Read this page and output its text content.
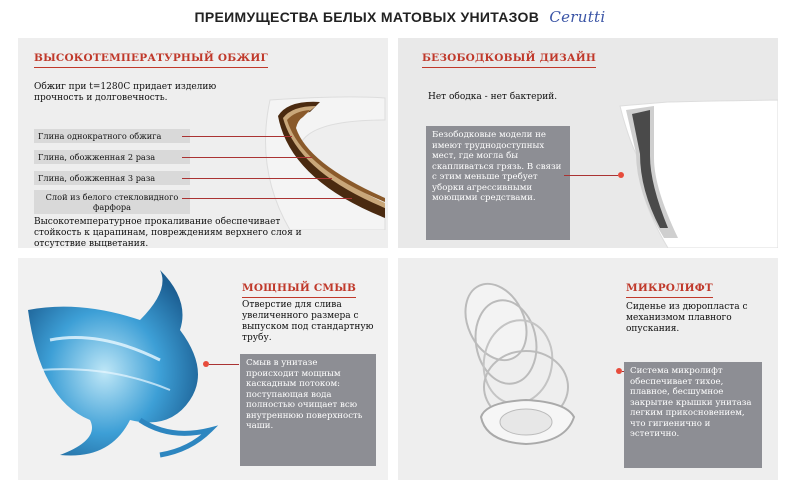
ПРЕИМУЩЕСТВА БЕЛЫХ МАТОВЫХ УНИТАЗОВ Cerutti
ВЫСОКОТЕМПЕРАТУРНЫЙ ОБЖИГ
Обжиг при t=1280С придает изделию прочность и долговечность.
Глина однократного обжига
Глина, обожженная 2 раза
Глина, обожженная 3 раза
Слой из белого стекловидного фарфора
Высокотемпературное прокаливание обеспечивает стойкость к царапинам, повреждениям верхнего слоя и отсутствие выцветания.
БЕЗОБОДКОВЫЙ ДИЗАЙН
Нет ободка - нет бактерий.
Безободковые модели не имеют труднодоступных мест, где могла бы скапливаться грязь. В связи с этим меньше требует уборки агрессивными моющими средствами.
МОЩНЫЙ СМЫВ
Отверстие для слива увеличенного размера с выпуском под стандартную трубу.
Смыв в унитазе происходит мощным каскадным потоком: поступающая вода полностью очищает всю внутреннюю поверхность чаши.
МИКРОЛИФТ
Сиденье из дюропласта с механизмом плавного опускания.
Система микролифт обеспечивает тихое, плавное, бесшумное закрытие крышки унитаза легким прикосновением, что гигиенично и эстетично.
